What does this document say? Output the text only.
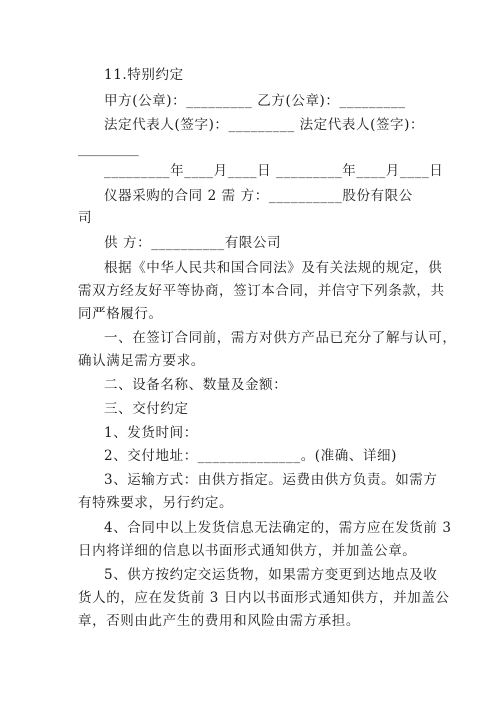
11.特别约定
甲方(公章)：_________ 乙方(公章)：_________
法定代表人(签字)：_________ 法定代表人(签字)：
_________
_________年____月____日 _________年____月____日
仪器采购的合同 2 需 方：__________股份有限公
司
供 方：__________有限公司
根据《中华人民共和国合同法》及有关法规的规定，供
需双方经友好平等协商，签订本合同，并信守下列条款，共
同严格履行。
一、在签订合同前，需方对供方产品已充分了解与认可，
确认满足需方要求。
二、设备名称、数量及金额：
三、交付约定
1、发货时间：
2、交付地址：______________。(准确、详细)
3、运输方式：由供方指定。运费由供方负责。如需方
有特殊要求，另行约定。
4、合同中以上发货信息无法确定的，需方应在发货前 3
日内将详细的信息以书面形式通知供方，并加盖公章。
5、供方按约定交运货物，如果需方变更到达地点及收
货人的，应在发货前 3 日内以书面形式通知供方，并加盖公
章，否则由此产生的费用和风险由需方承担。
